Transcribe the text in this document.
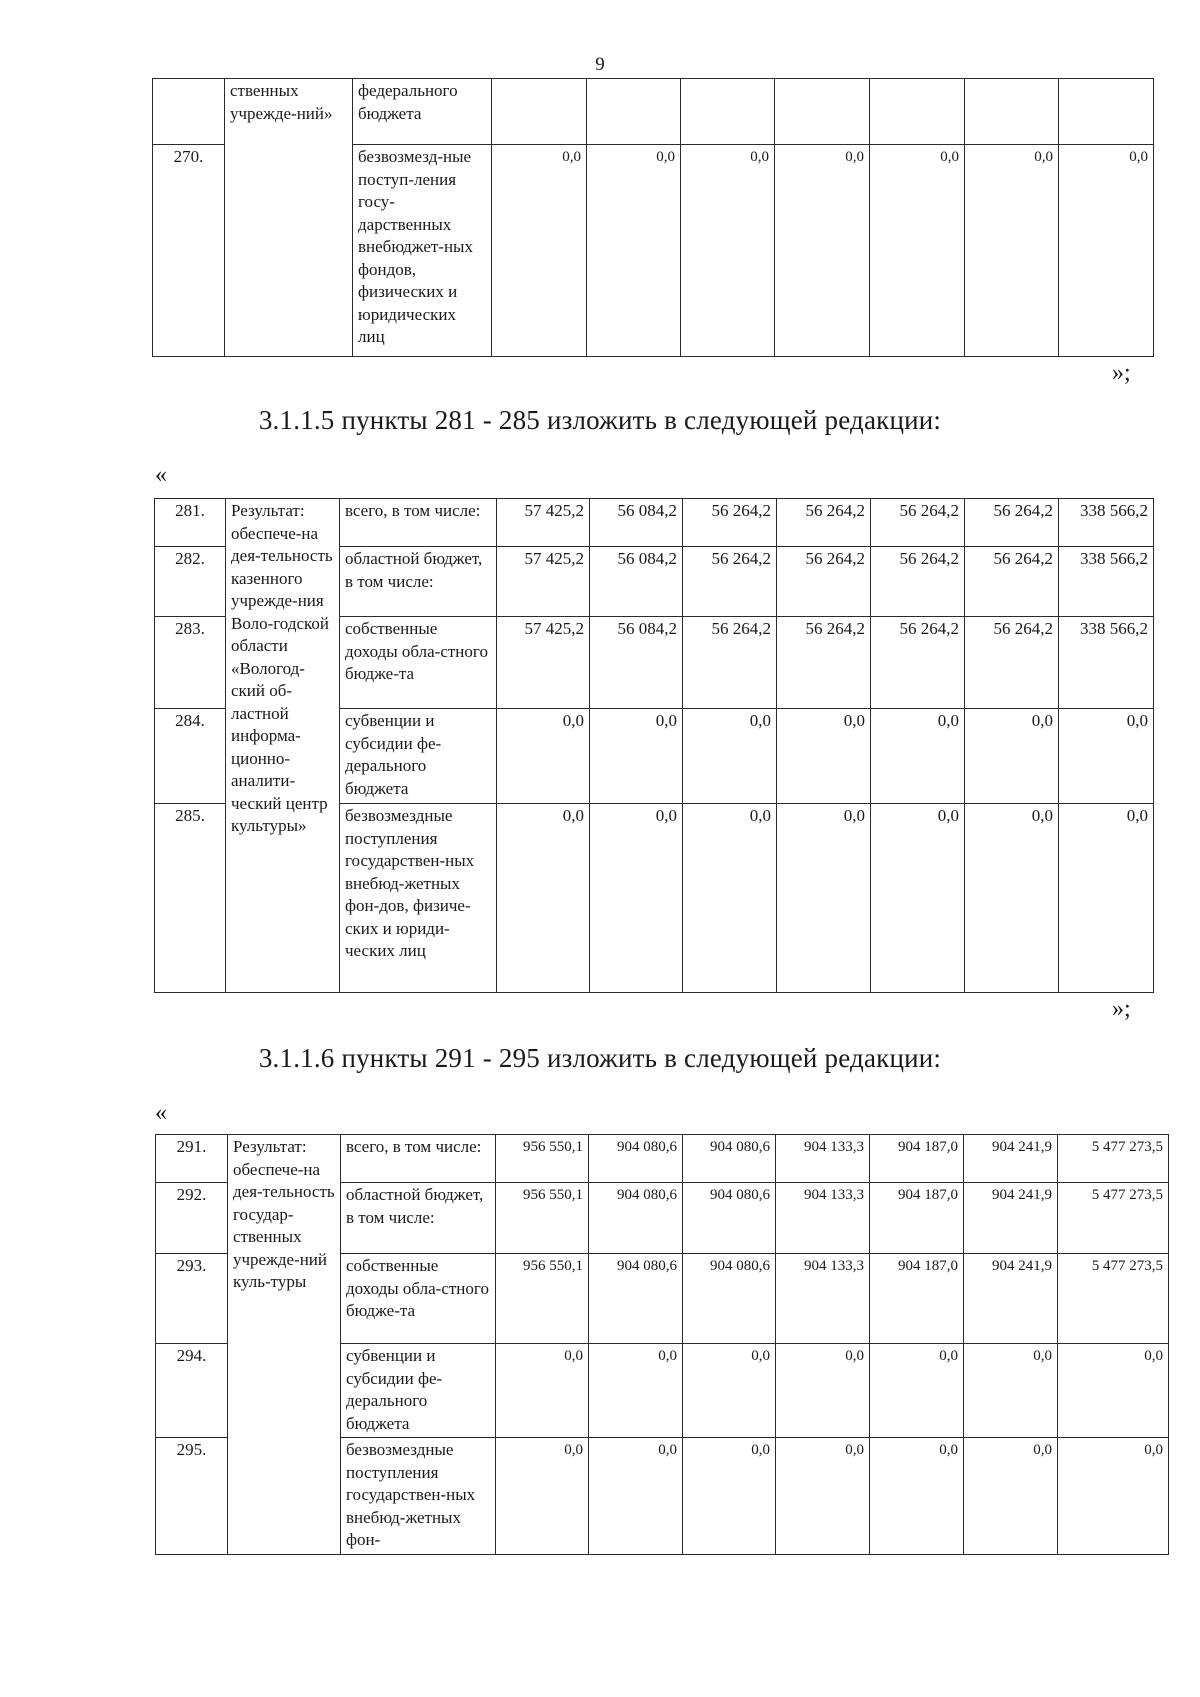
9
	ственных учрежде-ний»	федерального бюджета							
270.		безвозмезд-ные поступ-ления госу-дарственных внебюджет-ных фондов, физических и юридических лиц	0,0	0,0	0,0	0,0	0,0	0,0	0,0
»;
3.1.1.5 пункты 281 - 285 изложить в следующей редакции:
«
281.	Результат: обеспече-на дея-тельность казенного учрежде-ния Воло-годской области «Вологод-ский об-ластной информа-ционно-аналити-ческий центр культуры»	всего, в том числе:	57 425,2	56 084,2	56 264,2	56 264,2	56 264,2	56 264,2	338 566,2
282.		областной бюджет, в том числе:	57 425,2	56 084,2	56 264,2	56 264,2	56 264,2	56 264,2	338 566,2
283.		собственные доходы обла-стного бюдже-та	57 425,2	56 084,2	56 264,2	56 264,2	56 264,2	56 264,2	338 566,2
284.		субвенции и субсидии фе-дерального бюджета	0,0	0,0	0,0	0,0	0,0	0,0	0,0
285.		безвозмездные поступления государствен-ных внебюд-жетных фон-дов, физиче-ских и юриди-ческих лиц	0,0	0,0	0,0	0,0	0,0	0,0	0,0
»;
3.1.1.6 пункты 291 - 295 изложить в следующей редакции:
«
291.	Результат: обеспече-на дея-тельность государ-ственных учрежде-ний куль-туры	всего, в том числе:	956 550,1	904 080,6	904 080,6	904 133,3	904 187,0	904 241,9	5 477 273,5
292.		областной бюджет, в том числе:	956 550,1	904 080,6	904 080,6	904 133,3	904 187,0	904 241,9	5 477 273,5
293.		собственные доходы обла-стного бюдже-та	956 550,1	904 080,6	904 080,6	904 133,3	904 187,0	904 241,9	5 477 273,5
294.		субвенции и субсидии фе-дерального бюджета	0,0	0,0	0,0	0,0	0,0	0,0	0,0
295.		безвозмездные поступления государствен-ных внебюд-жетных фон-	0,0	0,0	0,0	0,0	0,0	0,0	0,0
